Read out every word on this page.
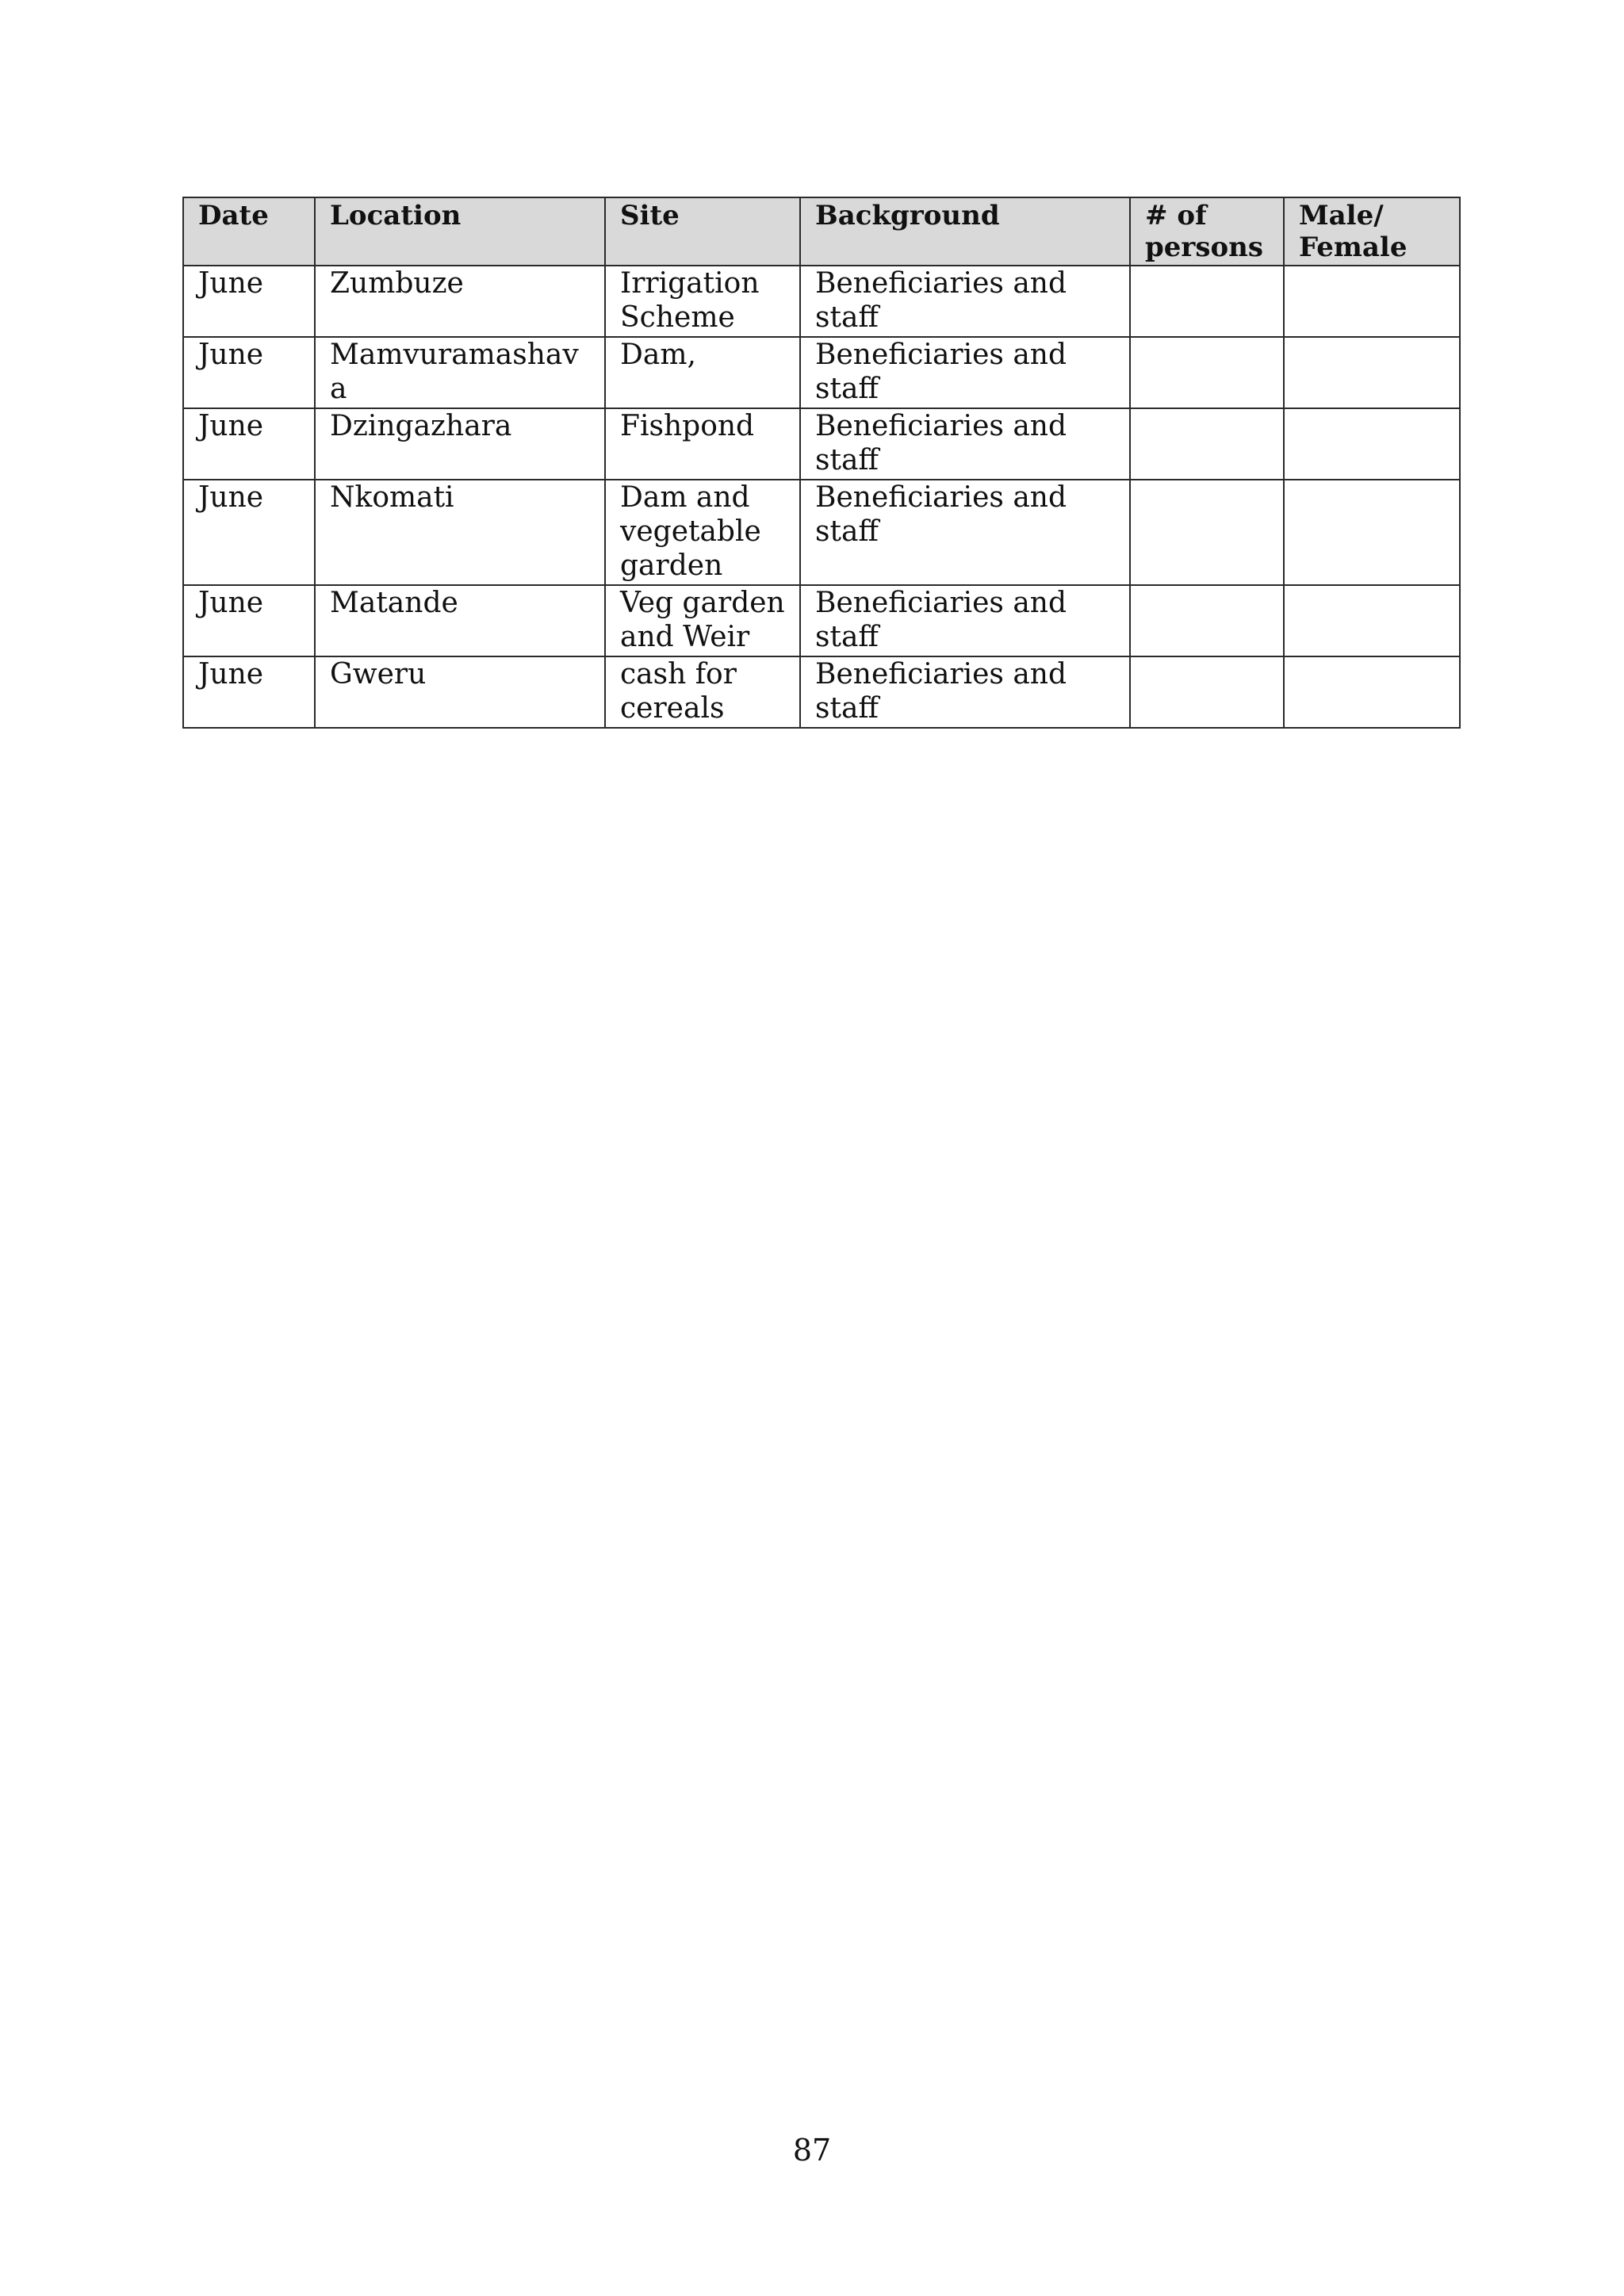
Date	Location	Site	Background	# of persons	Male/ Female
June	Zumbuze	Irrigation Scheme	Beneficiaries and staff		
June	Mamvuramashava	Dam,	Beneficiaries and staff		
June	Dzingazhara	Fishpond	Beneficiaries and staff		
June	Nkomati	Dam and vegetable garden	Beneficiaries and staff		
June	Matande	Veg garden and Weir	Beneficiaries and staff		
June	Gweru	cash for cereals	Beneficiaries and staff		
87
